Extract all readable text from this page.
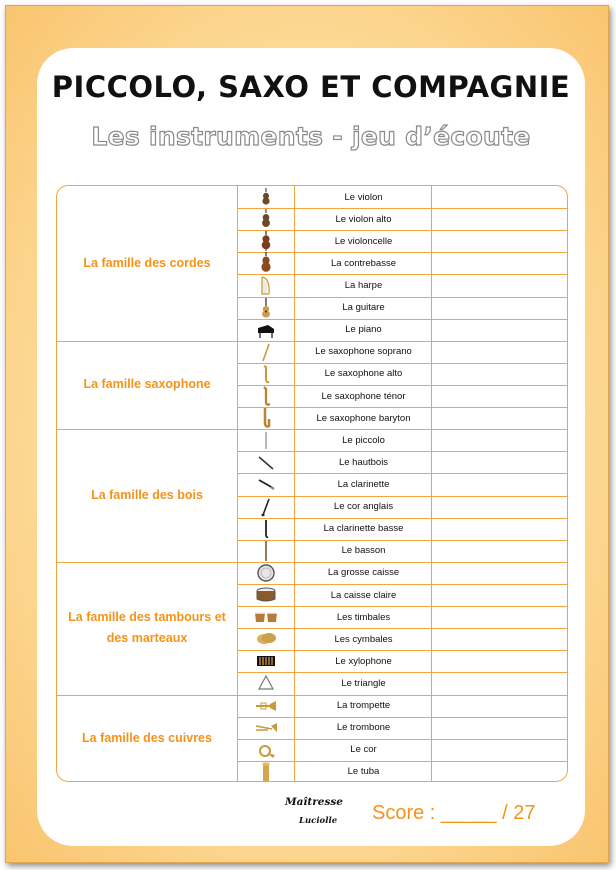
PICCOLO, SAXO ET COMPAGNIE
Les instruments - jeu d’écoute
La famille des cordes
Le violon
Le violon alto
Le violoncelle
La contrebasse
La harpe
La guitare
Le piano
La famille saxophone
Le saxophone soprano
Le saxophone alto
Le saxophone ténor
Le saxophone baryton
La famille des bois
Le piccolo
Le hautbois
La clarinette
Le cor anglais
La clarinette basse
Le basson
La famille des tambours et des marteaux
La grosse caisse
La caisse claire
Les timbales
Les cymbales
Le xylophone
Le triangle
La famille des cuivres
La trompette
Le trombone
Le cor
Le tuba
Maîtresse
Luciolle Score : _____ / 27
